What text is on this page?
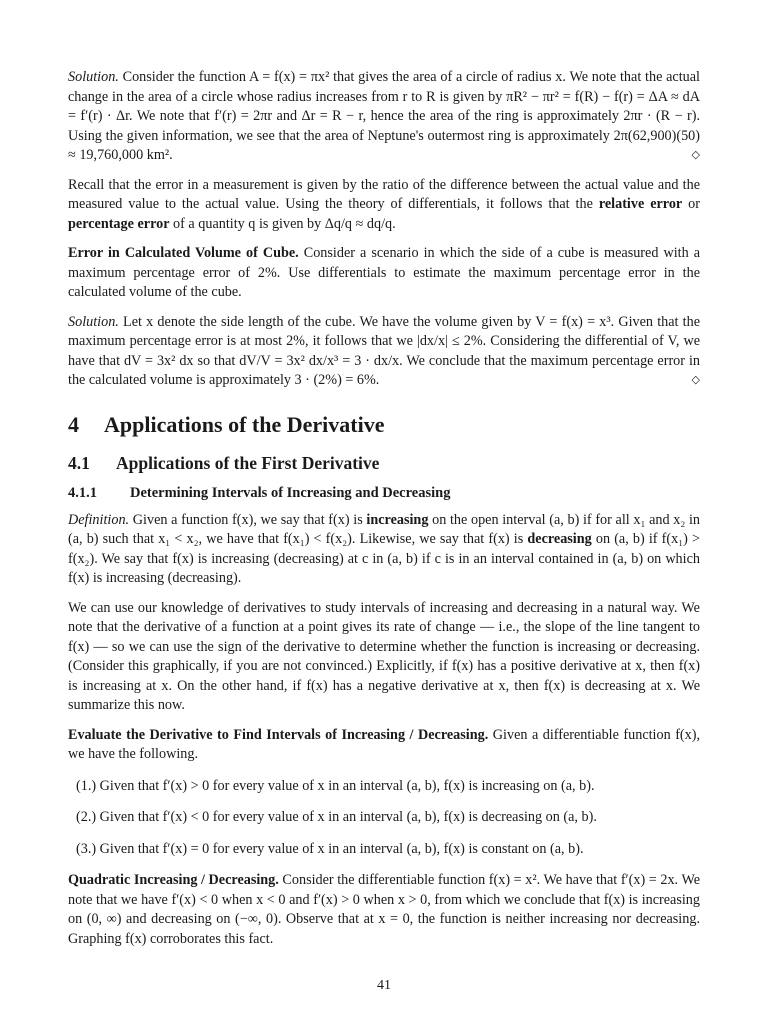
Solution. Consider the function A = f(x) = πx² that gives the area of a circle of radius x. We note that the actual change in the area of a circle whose radius increases from r to R is given by πR² − πr² = f(R) − f(r) = ΔA ≈ dA = f′(r) · Δr. We note that f′(r) = 2πr and Δr = R − r, hence the area of the ring is approximately 2πr · (R − r). Using the given information, we see that the area of Neptune's outermost ring is approximately 2π(62,900)(50) ≈ 19,760,000 km².	◇

Recall that the error in a measurement is given by the ratio of the difference between the actual value and the measured value to the actual value. Using the theory of differentials, it follows that the relative error or percentage error of a quantity q is given by Δq/q ≈ dq/q.

Error in Calculated Volume of Cube. Consider a scenario in which the side of a cube is measured with a maximum percentage error of 2%. Use differentials to estimate the maximum percentage error in the calculated volume of the cube.

Solution. Let x denote the side length of the cube. We have the volume given by V = f(x) = x³. Given that the maximum percentage error is at most 2%, it follows that we |dx/x| ≤ 2%. Considering the differential of V, we have that dV = 3x² dx so that dV/V = 3x² dx/x³ = 3 · dx/x. We conclude that the maximum percentage error in the calculated volume is approximately 3 · (2%) = 6%.	◇

4 Applications of the Derivative
4.1 Applications of the First Derivative
4.1.1 Determining Intervals of Increasing and Decreasing

Definition. Given a function f(x), we say that f(x) is increasing on the open interval (a, b) if for all x₁ and x₂ in (a, b) such that x₁ < x₂, we have that f(x₁) < f(x₂). Likewise, we say that f(x) is decreasing on (a, b) if f(x₁) > f(x₂). We say that f(x) is increasing (decreasing) at c in (a, b) if c is in an interval contained in (a, b) on which f(x) is increasing (decreasing).

We can use our knowledge of derivatives to study intervals of increasing and decreasing in a natural way. We note that the derivative of a function at a point gives its rate of change — i.e., the slope of the line tangent to f(x) — so we can use the sign of the derivative to determine whether the function is increasing or decreasing. (Consider this graphically, if you are not convinced.) Explicitly, if f(x) has a positive derivative at x, then f(x) is increasing at x. On the other hand, if f(x) has a negative derivative at x, then f(x) is decreasing at x. We summarize this now.

Evaluate the Derivative to Find Intervals of Increasing / Decreasing. Given a differentiable function f(x), we have the following.

(1.) Given that f′(x) > 0 for every value of x in an interval (a, b), f(x) is increasing on (a, b).

(2.) Given that f′(x) < 0 for every value of x in an interval (a, b), f(x) is decreasing on (a, b).

(3.) Given that f′(x) = 0 for every value of x in an interval (a, b), f(x) is constant on (a, b).

Quadratic Increasing / Decreasing. Consider the differentiable function f(x) = x². We have that f′(x) = 2x. We note that we have f′(x) < 0 when x < 0 and f′(x) > 0 when x > 0, from which we conclude that f(x) is increasing on (0, ∞) and decreasing on (−∞, 0). Observe that at x = 0, the function is neither increasing nor decreasing. Graphing f(x) corroborates this fact.

41
